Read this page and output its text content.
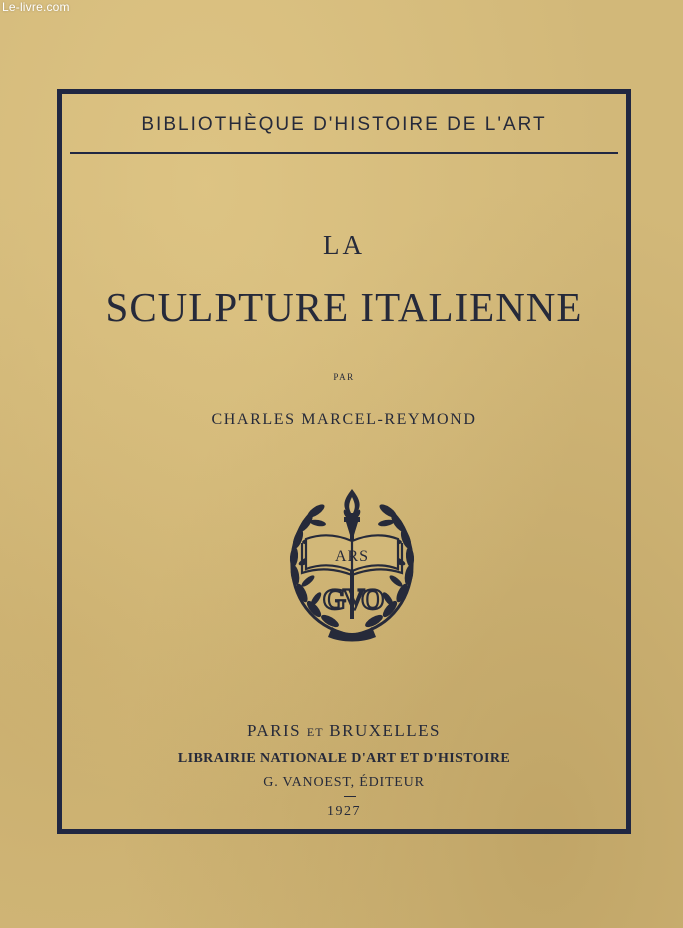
Le-livre.com
BIBLIOTHÈQUE D'HISTOIRE DE L'ART
LA
SCULPTURE ITALIENNE
PAR
CHARLES MARCEL-REYMOND
ARS
GVO
PARIS ET BRUXELLES
LIBRAIRIE NATIONALE D'ART ET D'HISTOIRE
G. VANOEST, ÉDITEUR
1927
